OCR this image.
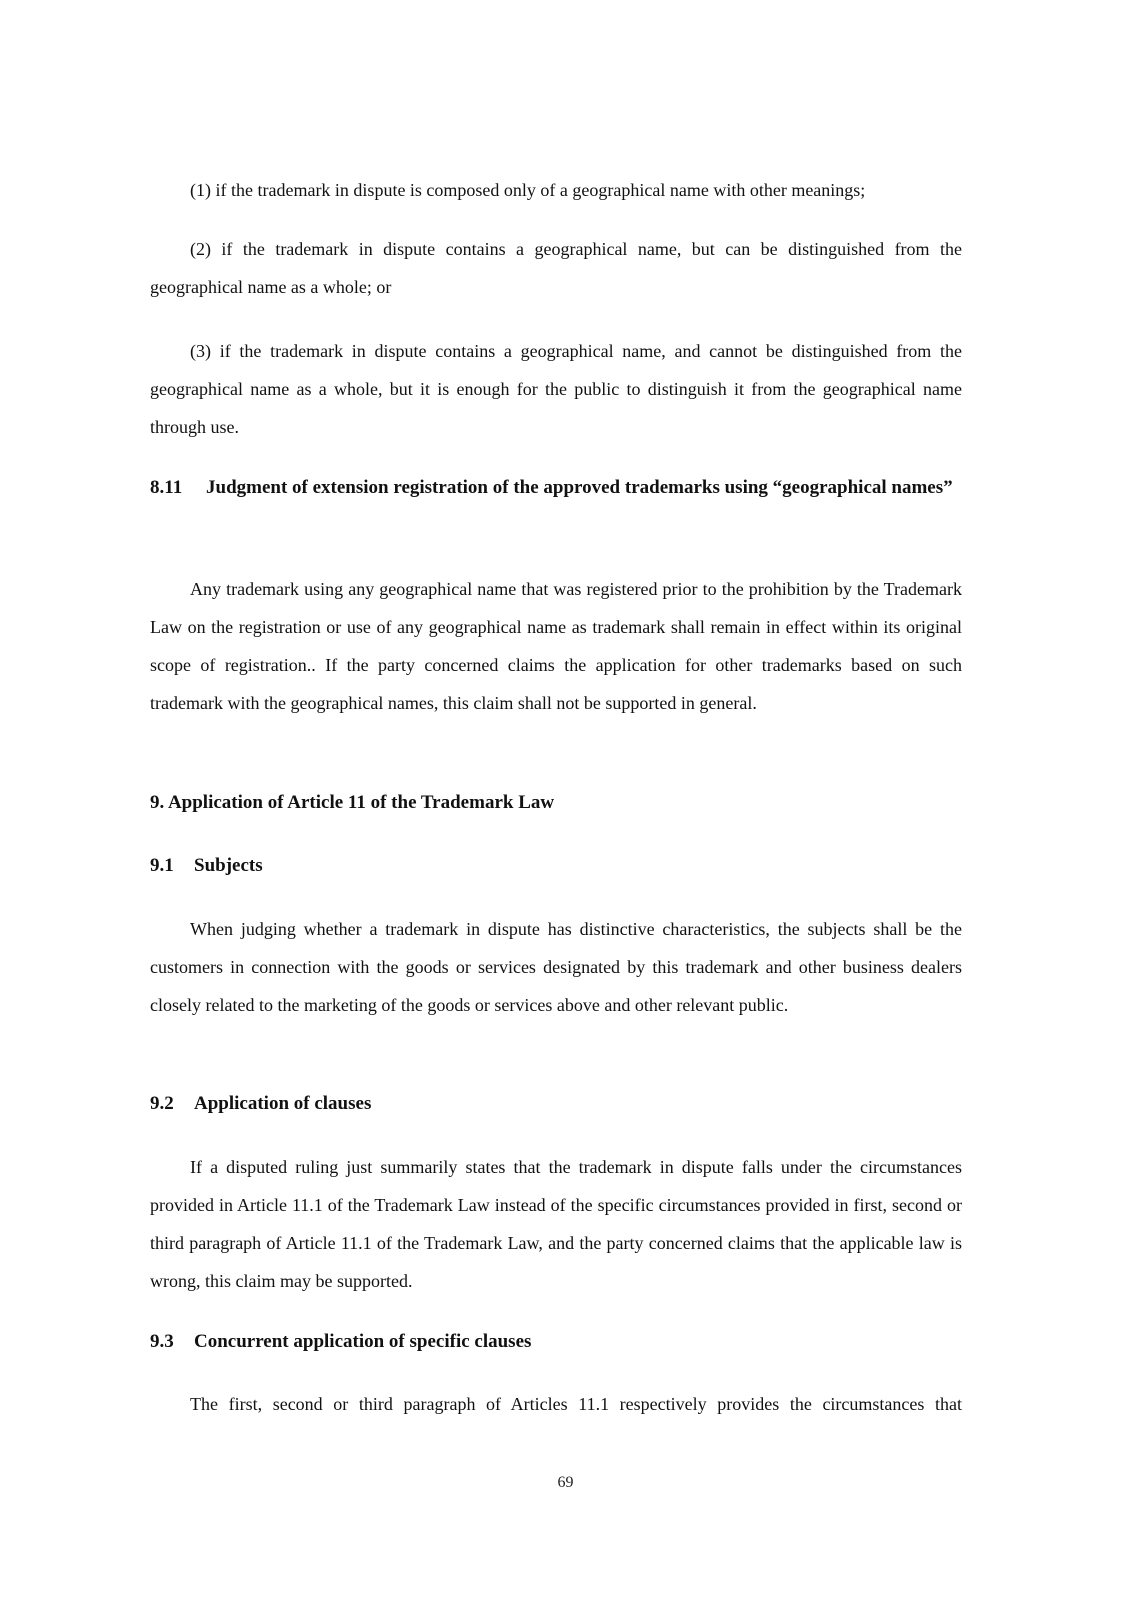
(1) if the trademark in dispute is composed only of a geographical name with other meanings;

(2) if the trademark in dispute contains a geographical name, but can be distinguished from the geographical name as a whole; or

(3) if the trademark in dispute contains a geographical name, and cannot be distinguished from the geographical name as a whole, but it is enough for the public to distinguish it from the geographical name through use.

8.11 Judgment of extension registration of the approved trademarks using “geographical names”

Any trademark using any geographical name that was registered prior to the prohibition by the Trademark Law on the registration or use of any geographical name as trademark shall remain in effect within its original scope of registration.. If the party concerned claims the application for other trademarks based on such trademark with the geographical names, this claim shall not be supported in general.

9. Application of Article 11 of the Trademark Law

9.1 Subjects

When judging whether a trademark in dispute has distinctive characteristics, the subjects shall be the customers in connection with the goods or services designated by this trademark and other business dealers closely related to the marketing of the goods or services above and other relevant public.

9.2 Application of clauses

If a disputed ruling just summarily states that the trademark in dispute falls under the circumstances provided in Article 11.1 of the Trademark Law instead of the specific circumstances provided in first, second or third paragraph of Article 11.1 of the Trademark Law, and the party concerned claims that the applicable law is wrong, this claim may be supported.

9.3 Concurrent application of specific clauses

The first, second or third paragraph of Articles 11.1 respectively provides the circumstances that

69
